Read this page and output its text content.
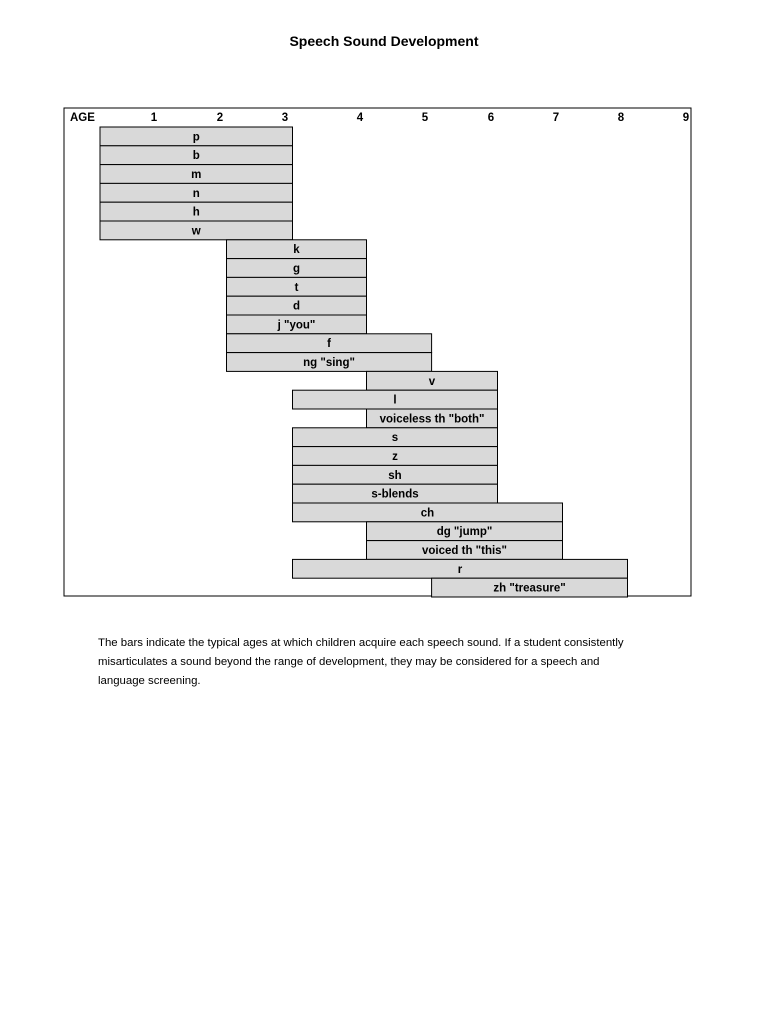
Speech Sound Development
AGE	1	2	3	4	5	6	7	8	9
p
b
m
n
h
w
k
g
t
d
j "you"
f
ng "sing"
v
l
voiceless th "both"
s
z
sh
s-blends
ch
dg "jump"
voiced th "this"
r
zh "treasure"
The bars indicate the typical ages at which children acquire each speech sound. If a student consistently misarticulates a sound beyond the range of development, they may be considered for a speech and language screening.
